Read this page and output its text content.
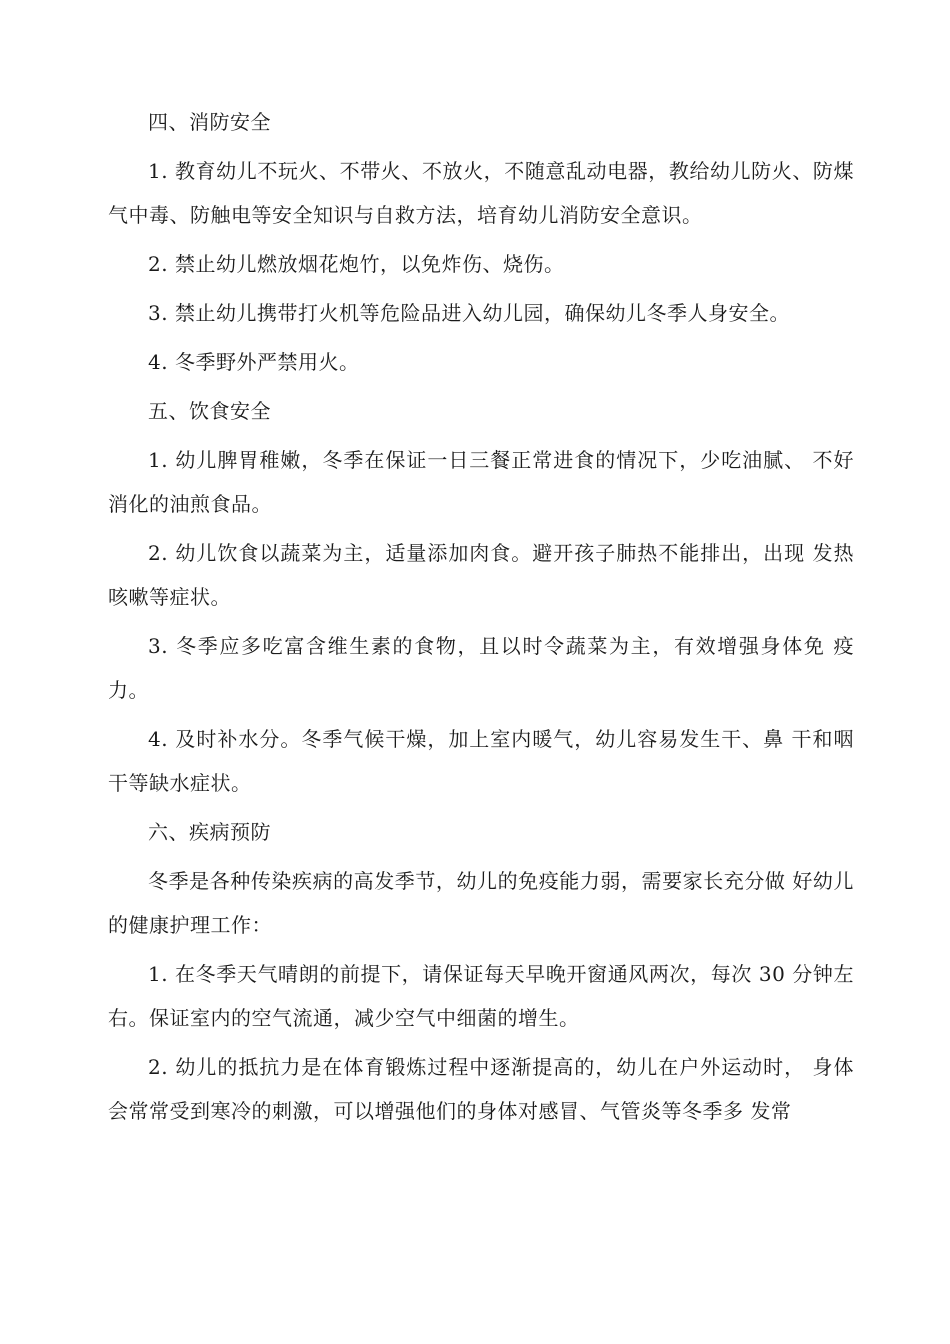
四、消防安全

1. 教育幼儿不玩火、不带火、不放火，不随意乱动电器，教给幼儿防火、防煤气中毒、防触电等安全知识与自救方法，培育幼儿消防安全意识。

2. 禁止幼儿燃放烟花炮竹，以免炸伤、烧伤。

3. 禁止幼儿携带打火机等危险品进入幼儿园，确保幼儿冬季人身安全。

4. 冬季野外严禁用火。

五、饮食安全

1. 幼儿脾胃稚嫩，冬季在保证一日三餐正常进食的情况下，少吃油腻、 不好消化的油煎食品。

2. 幼儿饮食以蔬菜为主，适量添加肉食。避开孩子肺热不能排出，出现 发热咳嗽等症状。

3. 冬季应多吃富含维生素的食物，且以时令蔬菜为主，有效增强身体免 疫力。

4. 及时补水分。冬季气候干燥，加上室内暖气，幼儿容易发生干、鼻 干和咽干等缺水症状。

六、疾病预防

冬季是各种传染疾病的高发季节，幼儿的免疫能力弱，需要家长充分做 好幼儿的健康护理工作：

1. 在冬季天气晴朗的前提下，请保证每天早晚开窗通风两次，每次 30 分钟左右。保证室内的空气流通，减少空气中细菌的增生。

2. 幼儿的抵抗力是在体育锻炼过程中逐渐提高的，幼儿在户外运动时， 身体会常常受到寒冷的刺激，可以增强他们的身体对感冒、气管炎等冬季多 发常
